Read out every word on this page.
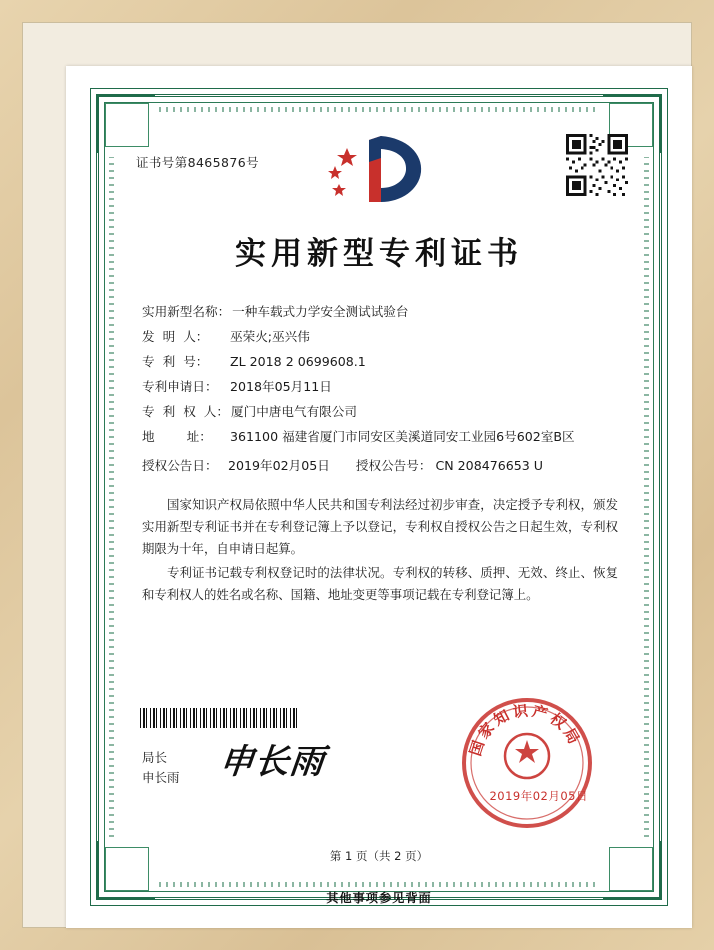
证书号第8465876号
实用新型专利证书
实用新型名称： 一种车载式力学安全测试试验台
发  明  人：	巫荣火;巫兴伟
专  利  号：	ZL 2018 2 0699608.1
专利申请日： 2018年05月11日
专  利  权  人： 厦门中唐电气有限公司
地        址：	361100 福建省厦门市同安区美溪道同安工业园6号602室B区
授权公告日： 2019年02月05日	授权公告号： CN 208476653 U

国家知识产权局依照中华人民共和国专利法经过初步审查，决定授予专利权，颁发实用新型专利证书并在专利登记簿上予以登记，专利权自授权公告之日起生效，专利权期限为十年，自申请日起算。

专利证书记载专利权登记时的法律状况。专利权的转移、质押、无效、终止、恢复和专利权人的姓名或名称、国籍、地址变更等事项记载在专利登记簿上。

局长
申长雨 申长雨	国家知识产权局
2019年02月05日
第 1 页（共 2 页）
其他事项参见背面
